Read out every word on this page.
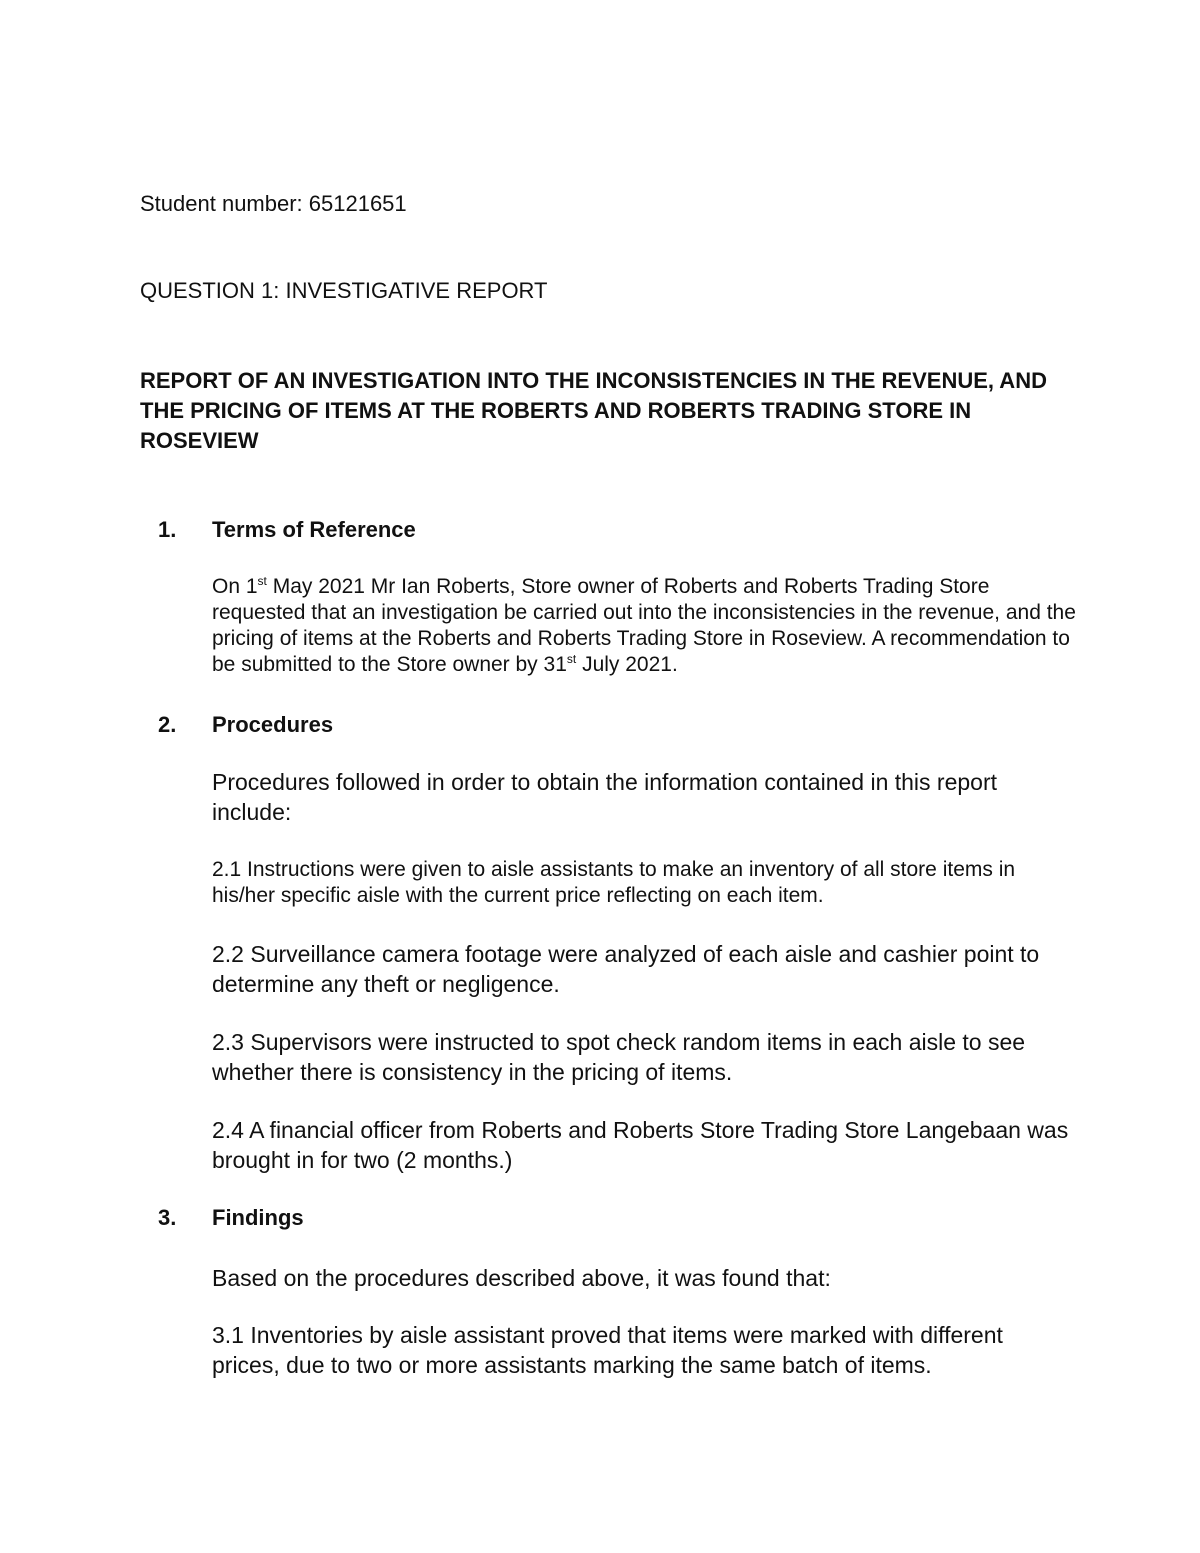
Student number: 65121651

QUESTION 1: INVESTIGATIVE REPORT

REPORT OF AN INVESTIGATION INTO THE INCONSISTENCIES IN THE REVENUE, AND THE PRICING OF ITEMS AT THE ROBERTS AND ROBERTS TRADING STORE IN ROSEVIEW

1. Terms of Reference

On 1st May 2021 Mr Ian Roberts, Store owner of Roberts and Roberts Trading Store requested that an investigation be carried out into the inconsistencies in the revenue, and the pricing of items at the Roberts and Roberts Trading Store in Roseview. A recommendation to be submitted to the Store owner by 31st July 2021.

2. Procedures

Procedures followed in order to obtain the information contained in this report include:

2.1 Instructions were given to aisle assistants to make an inventory of all store items in his/her specific aisle with the current price reflecting on each item.

2.2 Surveillance camera footage were analyzed of each aisle and cashier point to determine any theft or negligence.

2.3 Supervisors were instructed to spot check random items in each aisle to see whether there is consistency in the pricing of items.

2.4 A financial officer from Roberts and Roberts Store Trading Store Langebaan was brought in for two (2 months.)

3. Findings

Based on the procedures described above, it was found that:

3.1 Inventories by aisle assistant proved that items were marked with different prices, due to two or more assistants marking the same batch of items.
